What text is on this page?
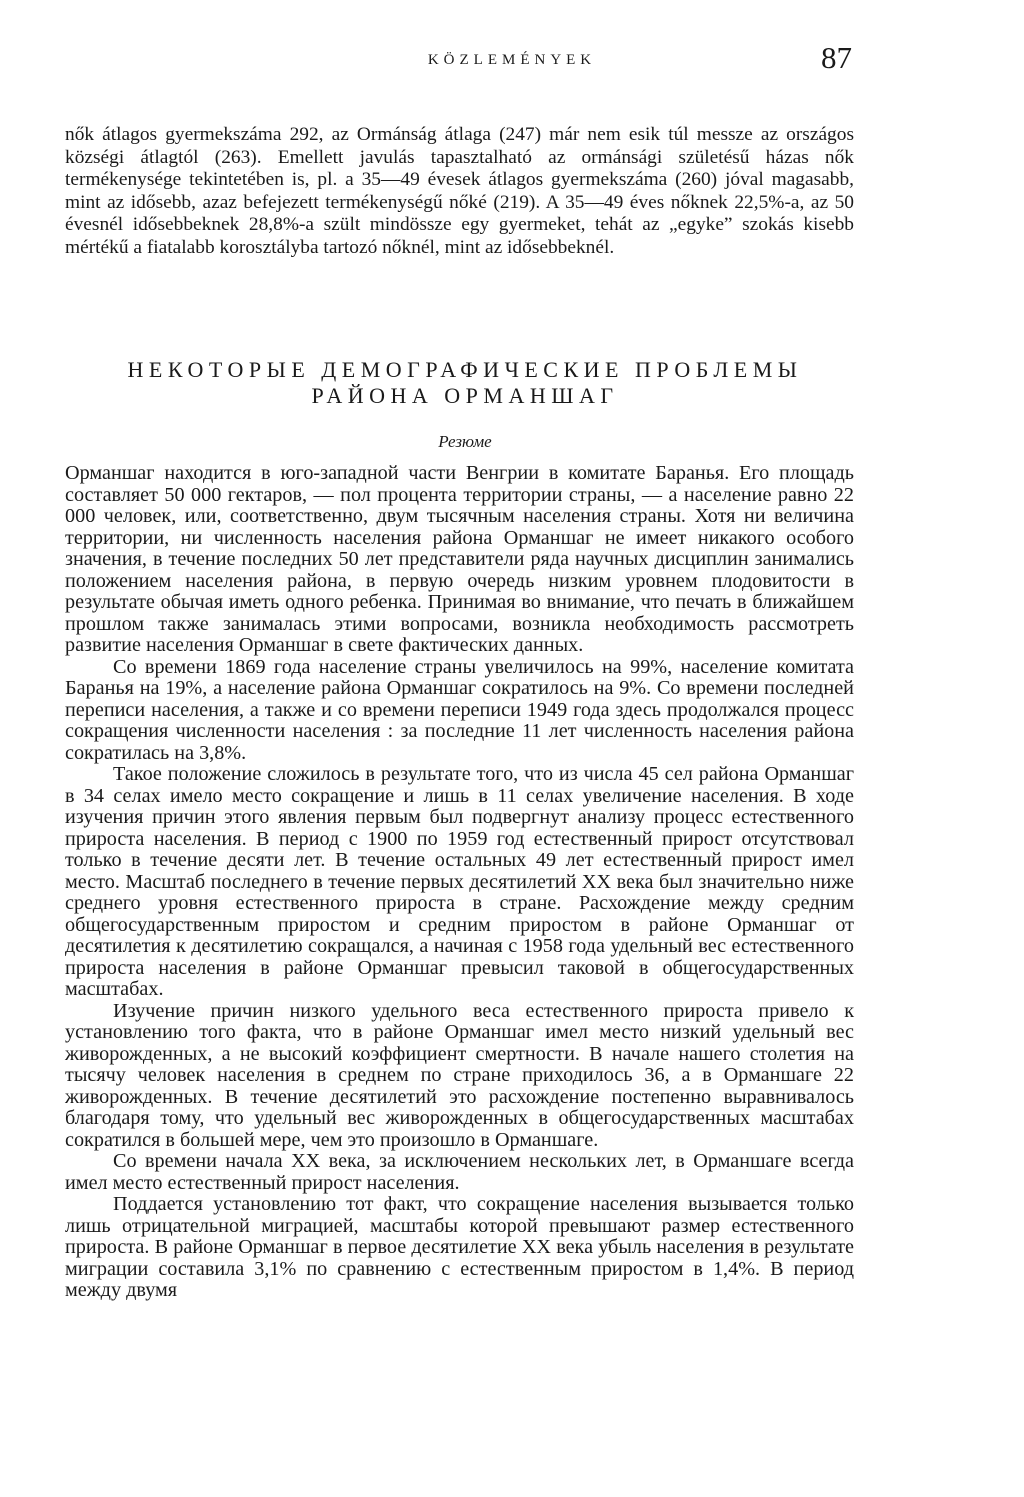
KÖZLEMÉNYEK	87

nők átlagos gyermekszáma 292, az Ormánság átlaga (247) már nem esik túl messze az országos községi átlagtól (263). Emellett javulás tapasztalható az ormánsági születésű házas nők termékenysége tekintetében is, pl. a 35—49 évesek átlagos gyermekszáma (260) jóval magasabb, mint az idősebb, azaz befejezett termékenységű nőké (219). A 35—49 éves nőknek 22,5%-a, az 50 évesnél idősebbeknek 28,8%-a szült mindössze egy gyermeket, tehát az „egyke” szokás kisebb mértékű a fiatalabb korosztályba tartozó nőknél, mint az idősebbeknél.

НЕКОТОРЫЕ ДЕМОГРАФИЧЕСКИЕ ПРОБЛЕМЫ
РАЙОНА ОРМАНШАГ
Резюме

Орманшаг находится в юго-западной части Венгрии в комитате Баранья. Его площадь составляет 50 000 гектаров, — пол процента территории страны, — а население равно 22 000 человек, или, соответственно, двум тысячным населения страны. Хотя ни величина территории, ни численность населения района Орманшаг не имеет никакого особого значения, в течение последних 50 лет представители ряда научных дисциплин занимались положением населения района, в первую очередь низким уровнем плодовитости в результате обычая иметь одного ребенка. Принимая во внимание, что печать в ближайшем прошлом также занималась этими вопросами, возникла необходимость рассмотреть развитие населения Орманшаг в свете фактических данных.

Со времени 1869 года население страны увеличилось на 99%, население комитата Баранья на 19%, а население района Орманшаг сократилось на 9%. Со времени последней переписи населения, а также и со времени переписи 1949 года здесь продолжался процесс сокращения численности населения : за последние 11 лет численность населения района сократилась на 3,8%.

Такое положение сложилось в результате того, что из числа 45 сел района Орманшаг в 34 селах имело место сокращение и лишь в 11 селах увеличение населения. В ходе изучения причин этого явления первым был подвергнут анализу процесс естественного прироста населения. В период с 1900 по 1959 год естественный прирост отсутствовал только в течение десяти лет. В течение остальных 49 лет естественный прирост имел место. Масштаб последнего в течение первых десятилетий XX века был значительно ниже среднего уровня естественного прироста в стране. Расхождение между средним общегосударственным приростом и средним приростом в районе Орманшаг от десятилетия к десятилетию сокращался, а начиная с 1958 года удельный вес естественного прироста населения в районе Орманшаг превысил таковой в общегосударственных масштабах.

Изучение причин низкого удельного веса естественного прироста привело к установлению того факта, что в районе Орманшаг имел место низкий удельный вес живорожденных, а не высокий коэффициент смертности. В начале нашего столетия на тысячу человек населения в среднем по стране приходилось 36, а в Орманшаге 22 живорожденных. В течение десятилетий это расхождение постепенно выравнивалось благодаря тому, что удельный вес живорожденных в общегосударственных масштабах сократился в большей мере, чем это произошло в Орманшаге.

Со времени начала XX века, за исключением нескольких лет, в Орманшаге всегда имел место естественный прирост населения.

Поддается установлению тот факт, что сокращение населения вызывается только лишь отрицательной миграцией, масштабы которой превышают размер естественного прироста. В районе Орманшаг в первое десятилетие XX века убыль населения в результате миграции составила 3,1% по сравнению с естественным приростом в 1,4%. В период между двумя
